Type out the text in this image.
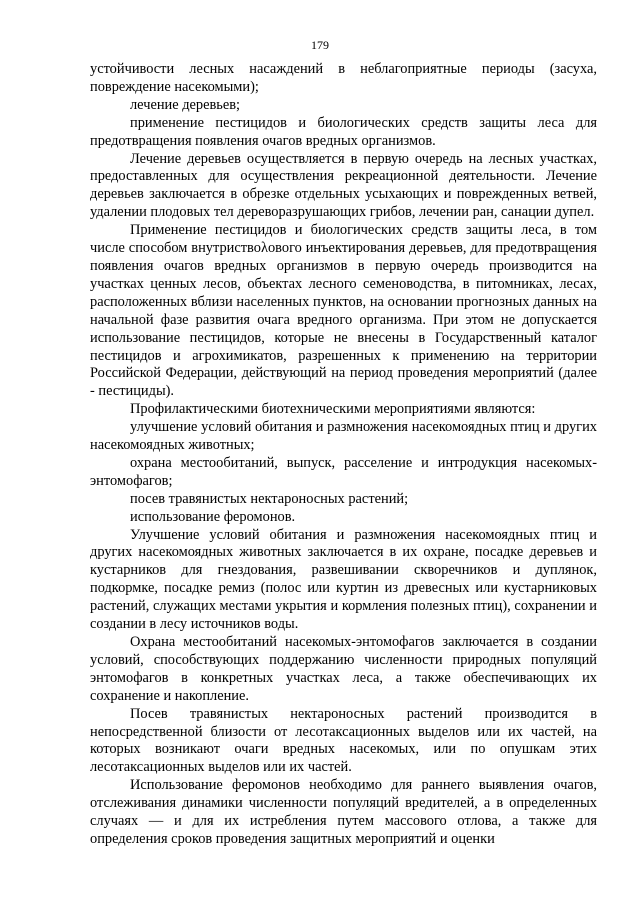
179

устойчивости лесных насаждений в неблагоприятные периоды (засуха, повреждение насекомыми);

лечение деревьев;

применение пестицидов и биологических средств защиты леса для предотвращения появления очагов вредных организмов.

Лечение деревьев осуществляется в первую очередь на лесных участках, предоставленных для осуществления рекреационной деятельности. Лечение деревьев заключается в обрезке отдельных усыхающих и поврежденных ветвей, удалении плодовых тел дереворазрушающих грибов, лечении ран, санации дупел.

Применение пестицидов и биологических средств защиты леса, в том числе способом внутриствολового инъектирования деревьев, для предотвращения появления очагов вредных организмов в первую очередь производится на участках ценных лесов, объектах лесного семеноводства, в питомниках, лесах, расположенных вблизи населенных пунктов, на основании прогнозных данных на начальной фазе развития очага вредного организма. При этом не допускается использование пестицидов, которые не внесены в Государственный каталог пестицидов и агрохимикатов, разрешенных к применению на территории Российской Федерации, действующий на период проведения мероприятий (далее - пестициды).

Профилактическими биотехническими мероприятиями являются:

улучшение условий обитания и размножения насекомоядных птиц и других насекомоядных животных;

охрана местообитаний, выпуск, расселение и интродукция насекомых-энтомофагов;

посев травянистых нектароносных растений;

использование феромонов.

Улучшение условий обитания и размножения насекомоядных птиц и других насекомоядных животных заключается в их охране, посадке деревьев и кустарников для гнездования, развешивании скворечников и дуплянок, подкормке, посадке ремиз (полос или куртин из древесных или кустарниковых растений, служащих местами укрытия и кормления полезных птиц), сохранении и создании в лесу источников воды.

Охрана местообитаний насекомых-энтомофагов заключается в создании условий, способствующих поддержанию численности природных популяций энтомофагов в конкретных участках леса, а также обеспечивающих их сохранение и накопление.

Посев травянистых нектароносных растений производится в непосредственной близости от лесотаксационных выделов или их частей, на которых возникают очаги вредных насекомых, или по опушкам этих лесотаксационных выделов или их частей.

Использование феромонов необходимо для раннего выявления очагов, отслеживания динамики численности популяций вредителей, а в определенных случаях — и для их истребления путем массового отлова, а также для определения сроков проведения защитных мероприятий и оценки
